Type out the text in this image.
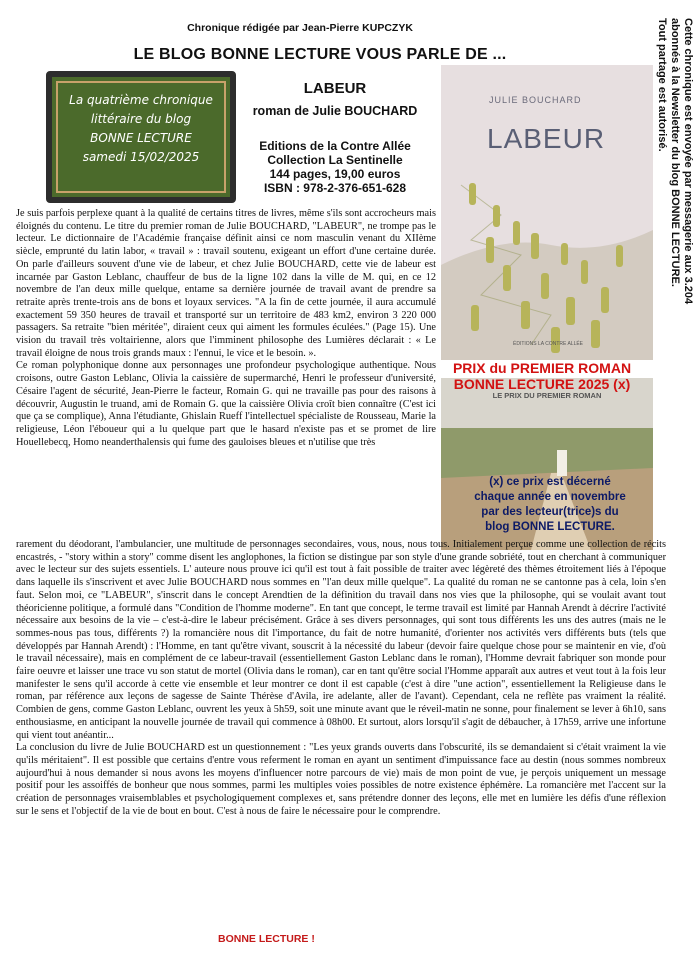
Chronique rédigée par Jean-Pierre KUPCZYK
LE BLOG BONNE LECTURE VOUS PARLE DE ...	Cette chronique est envoyée par messagerie aux 3.204
abonnés à la Newsletter du blog BONNE LECTURE.
Tout partage est autorisé.
La quatrième chronique
littéraire du blog
BONNE LECTURE
samedi 15/02/2025
LABEUR
roman de Julie BOUCHARD
Editions de la Contre Allée
Collection La Sentinelle
144 pages, 19,00 euros
ISBN : 978-2-376-651-628
JULIE BOUCHARD
LABEUR
ÉDITIONS LA CONTRE ALLÉE
LE PRIX DU PREMIER ROMAN
PRIX du PREMIER ROMAN
BONNE LECTURE 2025 (x)
(x) ce prix est décerné
chaque année en novembre
par des lecteur(trice)s du
blog BONNE LECTURE.
Je suis parfois perplexe quant à la qualité de certains titres de livres, même s'ils sont accrocheurs mais éloignés du contenu. Le titre du premier roman de Julie BOUCHARD, "LABEUR", ne trompe pas le lecteur. Le dictionnaire de l'Académie française définit ainsi ce nom masculin venant du XIIème siècle, emprunté du latin labor, « travail » : travail soutenu, exigeant un effort d'une certaine durée. On parle d'ailleurs souvent d'une vie de labeur, et chez Julie BOUCHARD, cette vie de labeur est incarnée par Gaston Leblanc, chauffeur de bus de la ligne 102 dans la ville de M. qui, en ce 12 novembre de l'an deux mille quelque, entame sa dernière journée de travail avant de prendre sa retraite après trente-trois ans de bons et loyaux services. "A la fin de cette journée, il aura accumulé exactement 59 350 heures de travail et transporté sur un territoire de 483 km2, environ 3 220 000 passagers. Sa retraite "bien méritée", diraient ceux qui aiment les formules éculées." (Page 15). Une vision du travail très voltairienne, alors que l'imminent philosophe des Lumières déclarait : « Le travail éloigne de nous trois grands maux : l'ennui, le vice et le besoin. ».
Ce roman polyphonique donne aux personnages une profondeur psychologique authentique. Nous croisons, outre Gaston Leblanc, Olivia la caissière de supermarché, Henri le professeur d'université, Césaire l'agent de sécurité, Jean-Pierre le facteur, Romain G. qui ne travaille pas pour des raisons à découvrir, Augustin le truand, ami de Romain G. que la caissière Olivia croît bien connaître (C'est ici que ça se complique), Anna l'étudiante, Ghislain Rueff l'intellectuel spécialiste de Rousseau, Marie la religieuse, Léon l'éboueur qui a lu quelque part que le hasard n'existe pas et se promet de lire Houellebecq, Homo neanderthalensis qui fume des gauloises bleues et n'utilise que très
rarement du déodorant, l'ambulancier, une multitude de personnages secondaires, vous, nous, nous tous. Initialement perçue comme une collection de récits encastrés, - "story within a story" comme disent les anglophones, la fiction se distingue par son style d'une grande sobriété, tout en cherchant à communiquer avec le lecteur sur des sujets essentiels. L' auteure nous prouve ici qu'il est tout à fait possible de traiter avec légèreté des thèmes étroitement liés à l'époque dans laquelle ils s'inscrivent et avec Julie BOUCHARD nous sommes en "l'an deux mille quelque". La qualité du roman ne se cantonne pas à cela, loin s'en faut. Selon moi, ce "LABEUR", s'inscrit dans le concept Arendtien de la définition du travail dans nos vies que la philosophe, qui se voulait avant tout théoricienne politique, a formulé dans "Condition de l'homme moderne". En tant que concept, le terme travail est limité par Hannah Arendt à décrire l'activité nécessaire aux besoins de la vie – c'est-à-dire le labeur précisément. Grâce à ses divers personnages, qui sont tous différents les uns des autres (mais ne le sommes-nous pas tous, différents ?) la romancière nous dit l'importance, du fait de notre humanité, d'orienter nos activités vers différents buts (tels que développés par Hannah Arendt) : l'Homme, en tant qu'être vivant, souscrit à la nécessité du labeur (devoir faire quelque chose pour se maintenir en vie, d'où le travail nécessaire), mais en complément de ce labeur-travail (essentiellement Gaston Leblanc dans le roman), l'Homme devrait fabriquer son monde pour faire oeuvre et laisser une trace vu son statut de mortel (Olivia dans le roman), car en tant qu'être social l'Homme apparaît aux autres et veut tout à la fois leur manifester le sens qu'il accorde à cette vie ensemble et leur montrer ce dont il est capable (c'est à dire "une action", essentiellement la Religieuse dans le roman, par référence aux leçons de sagesse de Sainte Thérèse d'Avila, ire adelante, aller de l'avant). Cependant, cela ne reflète pas vraiment la réalité. Combien de gens, comme Gaston Leblanc, ouvrent les yeux à 5h59, soit une minute avant que le réveil-matin ne sonne, pour finalement se lever à 6h10, sans enthousiasme, en anticipant la nouvelle journée de travail qui commence à 08h00. Et surtout, alors lorsqu'il s'agit de débaucher, à 17h59, arrive une infortune qui vient tout anéantir...
La conclusion du livre de Julie BOUCHARD est un questionnement : "Les yeux grands ouverts dans l'obscurité, ils se demandaient si c'était vraiment la vie qu'ils méritaient". Il est possible que certains d'entre vous referment le roman en ayant un sentiment d'impuissance face au destin (nous sommes nombreux aujourd'hui à nous demander si nous avons les moyens d'influencer notre parcours de vie) mais de mon point de vue, je perçois uniquement un message positif pour les assoiffés de bonheur que nous sommes, parmi les multiples voies possibles de notre existence éphémère. La romancière met l'accent sur la création de personnages vraisemblables et psychologiquement complexes et, sans prétendre donner des leçons, elle met en lumière les défis d'une réflexion sur le sens et l'objectif de la vie de bout en bout. C'est à nous de faire le nécessaire pour le comprendre.
BONNE LECTURE !
